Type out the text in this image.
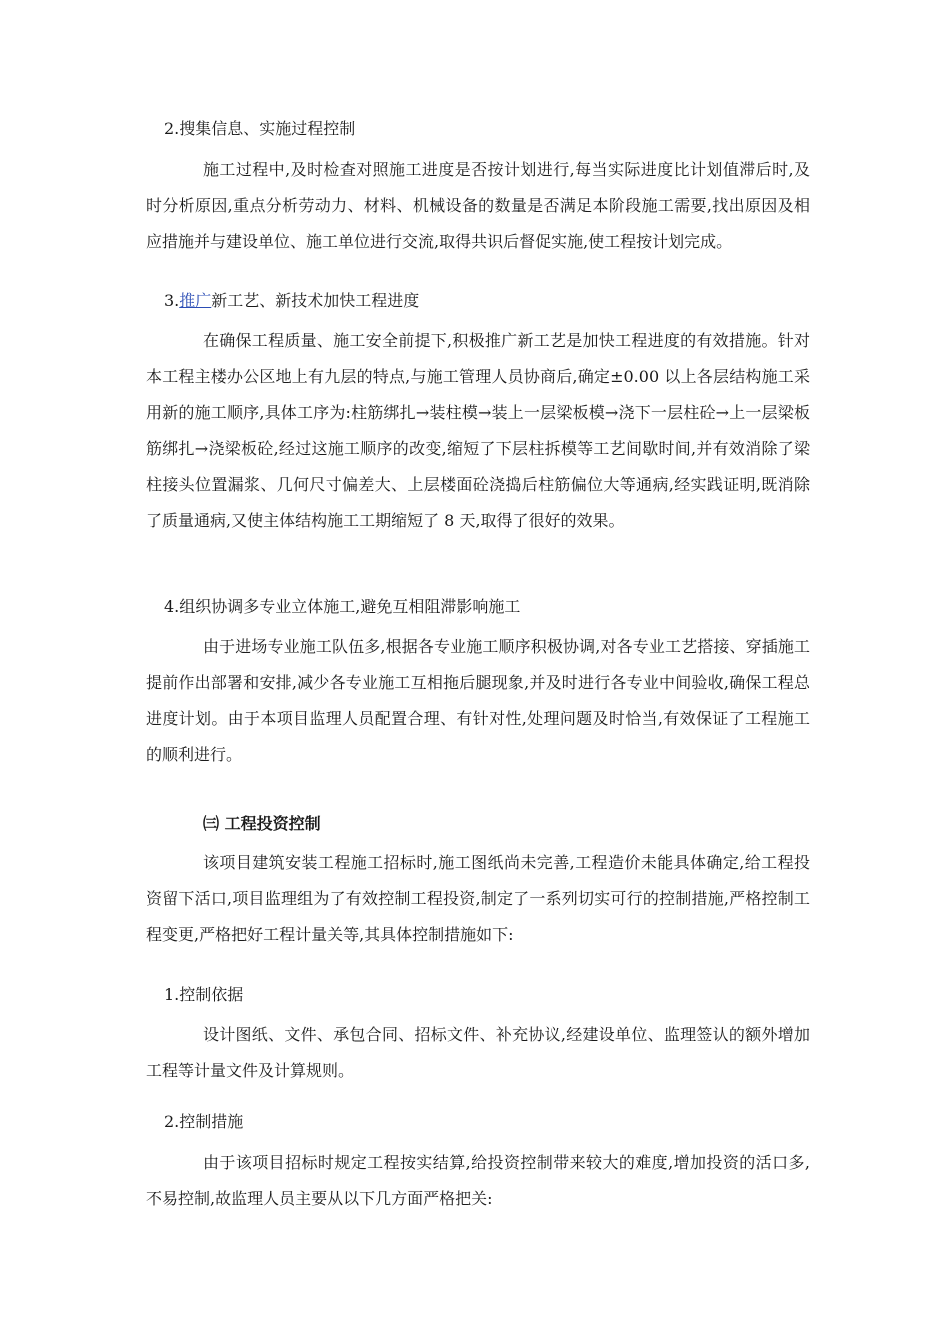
2.搜集信息、实施过程控制

施工过程中,及时检查对照施工进度是否按计划进行,每当实际进度比计划值滞后时,及时分析原因,重点分析劳动力、材料、机械设备的数量是否满足本阶段施工需要,找出原因及相应措施并与建设单位、施工单位进行交流,取得共识后督促实施,使工程按计划完成。

3.推广新工艺、新技术加快工程进度

在确保工程质量、施工安全前提下,积极推广新工艺是加快工程进度的有效措施。针对本工程主楼办公区地上有九层的特点,与施工管理人员协商后,确定±0.00 以上各层结构施工采用新的施工顺序,具体工序为:柱筋绑扎→装柱模→装上一层梁板模→浇下一层柱砼→上一层梁板筋绑扎→浇梁板砼,经过这施工顺序的改变,缩短了下层柱拆模等工艺间歇时间,并有效消除了梁柱接头位置漏浆、几何尺寸偏差大、上层楼面砼浇捣后柱筋偏位大等通病,经实践证明,既消除了质量通病,又使主体结构施工工期缩短了 8 天,取得了很好的效果。

4.组织协调多专业立体施工,避免互相阻滞影响施工

由于进场专业施工队伍多,根据各专业施工顺序积极协调,对各专业工艺搭接、穿插施工提前作出部署和安排,减少各专业施工互相拖后腿现象,并及时进行各专业中间验收,确保工程总进度计划。由于本项目监理人员配置合理、有针对性,处理问题及时恰当,有效保证了工程施工的顺利进行。

㈢ 工程投资控制

该项目建筑安装工程施工招标时,施工图纸尚未完善,工程造价未能具体确定,给工程投资留下活口,项目监理组为了有效控制工程投资,制定了一系列切实可行的控制措施,严格控制工程变更,严格把好工程计量关等,其具体控制措施如下:

1.控制依据

设计图纸、文件、承包合同、招标文件、补充协议,经建设单位、监理签认的额外增加工程等计量文件及计算规则。

2.控制措施

由于该项目招标时规定工程按实结算,给投资控制带来较大的难度,增加投资的活口多,不易控制,故监理人员主要从以下几方面严格把关:
